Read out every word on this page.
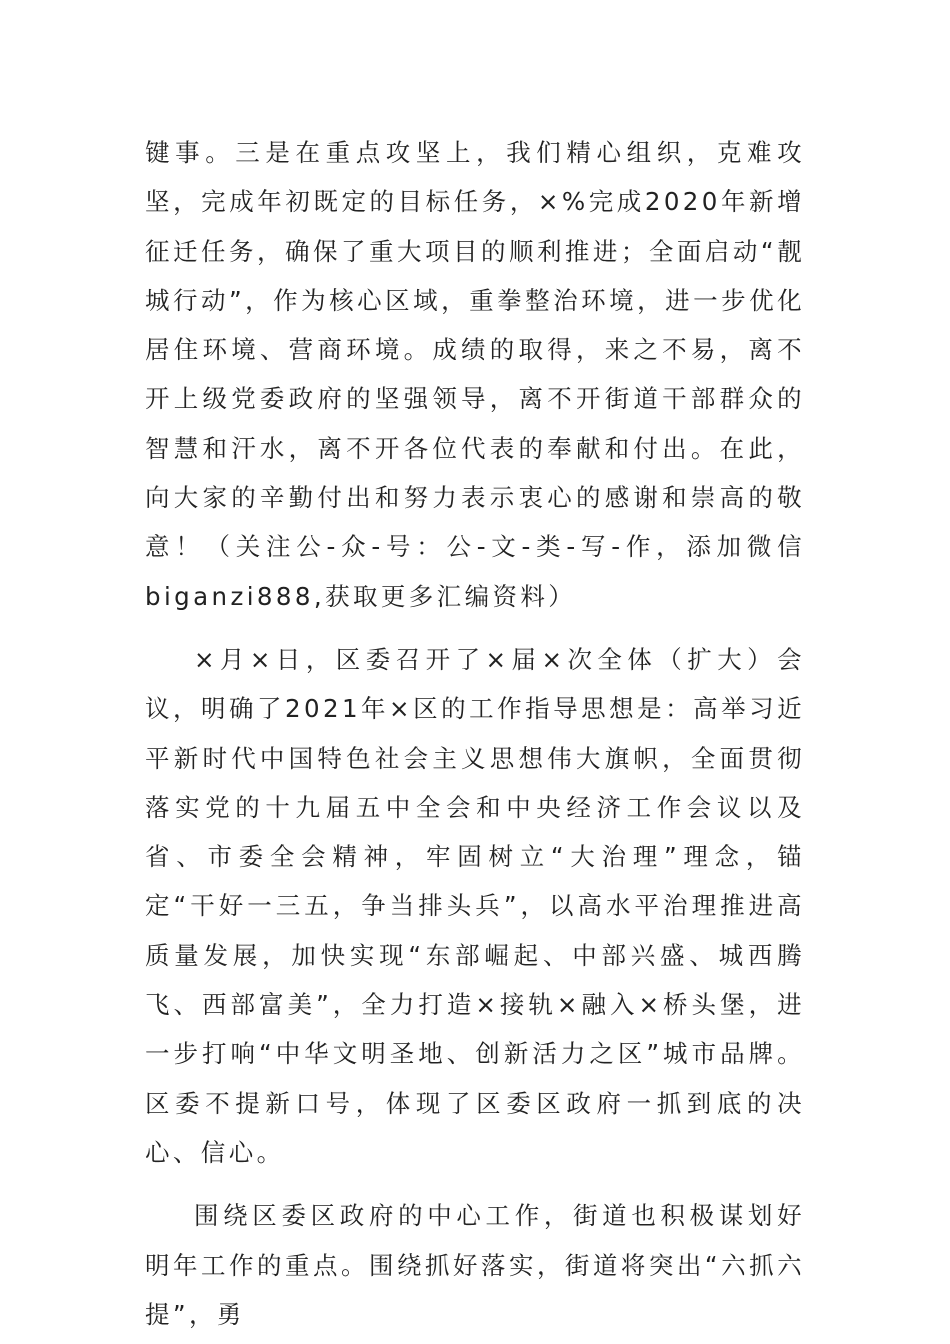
键事。三是在重点攻坚上，我们精心组织，克难攻坚，完成年初既定的目标任务，×%完成2020年新增征迁任务，确保了重大项目的顺利推进；全面启动“靓城行动”，作为核心区域，重拳整治环境，进一步优化居住环境、营商环境。成绩的取得，来之不易，离不开上级党委政府的坚强领导，离不开街道干部群众的智慧和汗水，离不开各位代表的奉献和付出。在此，向大家的辛勤付出和努力表示衷心的感谢和崇高的敬意！（关注公-众-号：公-文-类-写-作，添加微信biganzi888,获取更多汇编资料）

×月×日，区委召开了×届×次全体（扩大）会议，明确了2021年×区的工作指导思想是：高举习近平新时代中国特色社会主义思想伟大旗帜，全面贯彻落实党的十九届五中全会和中央经济工作会议以及省、市委全会精神，牢固树立“大治理”理念，锚定“干好一三五，争当排头兵”，以高水平治理推进高质量发展，加快实现“东部崛起、中部兴盛、城西腾飞、西部富美”，全力打造×接轨×融入×桥头堡，进一步打响“中华文明圣地、创新活力之区”城市品牌。区委不提新口号，体现了区委区政府一抓到底的决心、信心。

围绕区委区政府的中心工作，街道也积极谋划好明年工作的重点。围绕抓好落实，街道将突出“六抓六提”，勇
